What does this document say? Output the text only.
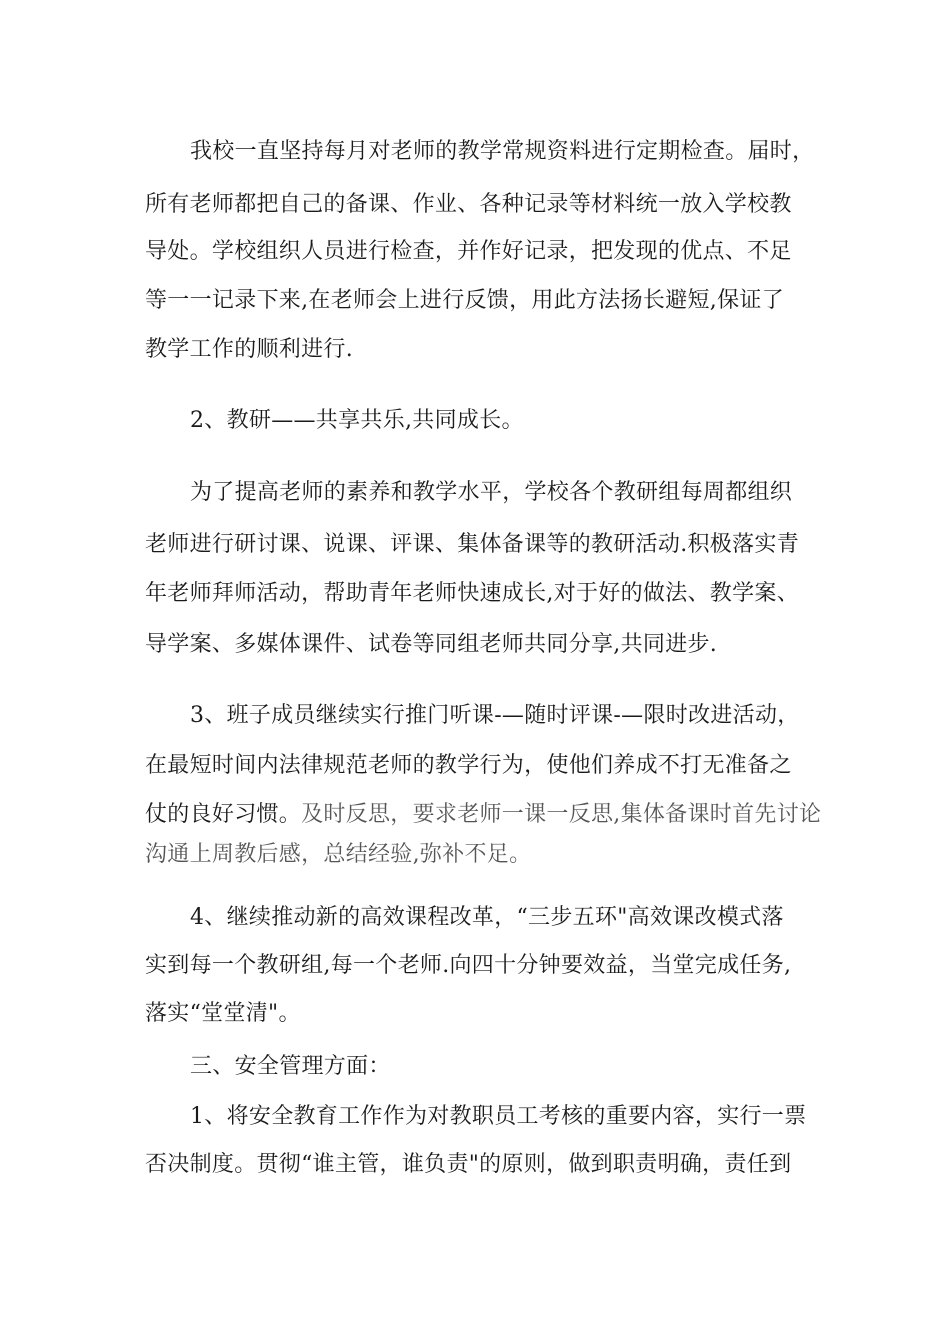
我校一直坚持每月对老师的教学常规资料进行定期检查。届时，
所有老师都把自己的备课、作业、各种记录等材料统一放入学校教
导处。学校组织人员进行检查，并作好记录，把发现的优点、不足
等一一记录下来,在老师会上进行反馈，用此方法扬长避短,保证了
教学工作的顺利进行.
2、教研——共享共乐,共同成长。
为了提高老师的素养和教学水平，学校各个教研组每周都组织
老师进行研讨课、说课、评课、集体备课等的教研活动.积极落实青
年老师拜师活动，帮助青年老师快速成长,对于好的做法、教学案、
导学案、多媒体课件、试卷等同组老师共同分享,共同进步.
3、班子成员继续实行推门听课-—随时评课-—限时改进活动，
在最短时间内法律规范老师的教学行为，使他们养成不打无准备之
仗的良好习惯。及时反思，要求老师一课一反思,集体备课时首先讨论
沟通上周教后感，总结经验,弥补不足。
4、继续推动新的高效课程改革，“三步五环"高效课改模式落
实到每一个教研组,每一个老师.向四十分钟要效益，当堂完成任务,
落实“堂堂清"。
三、安全管理方面：
1、将安全教育工作作为对教职员工考核的重要内容，实行一票
否决制度。贯彻“谁主管，谁负责"的原则，做到职责明确，责任到
